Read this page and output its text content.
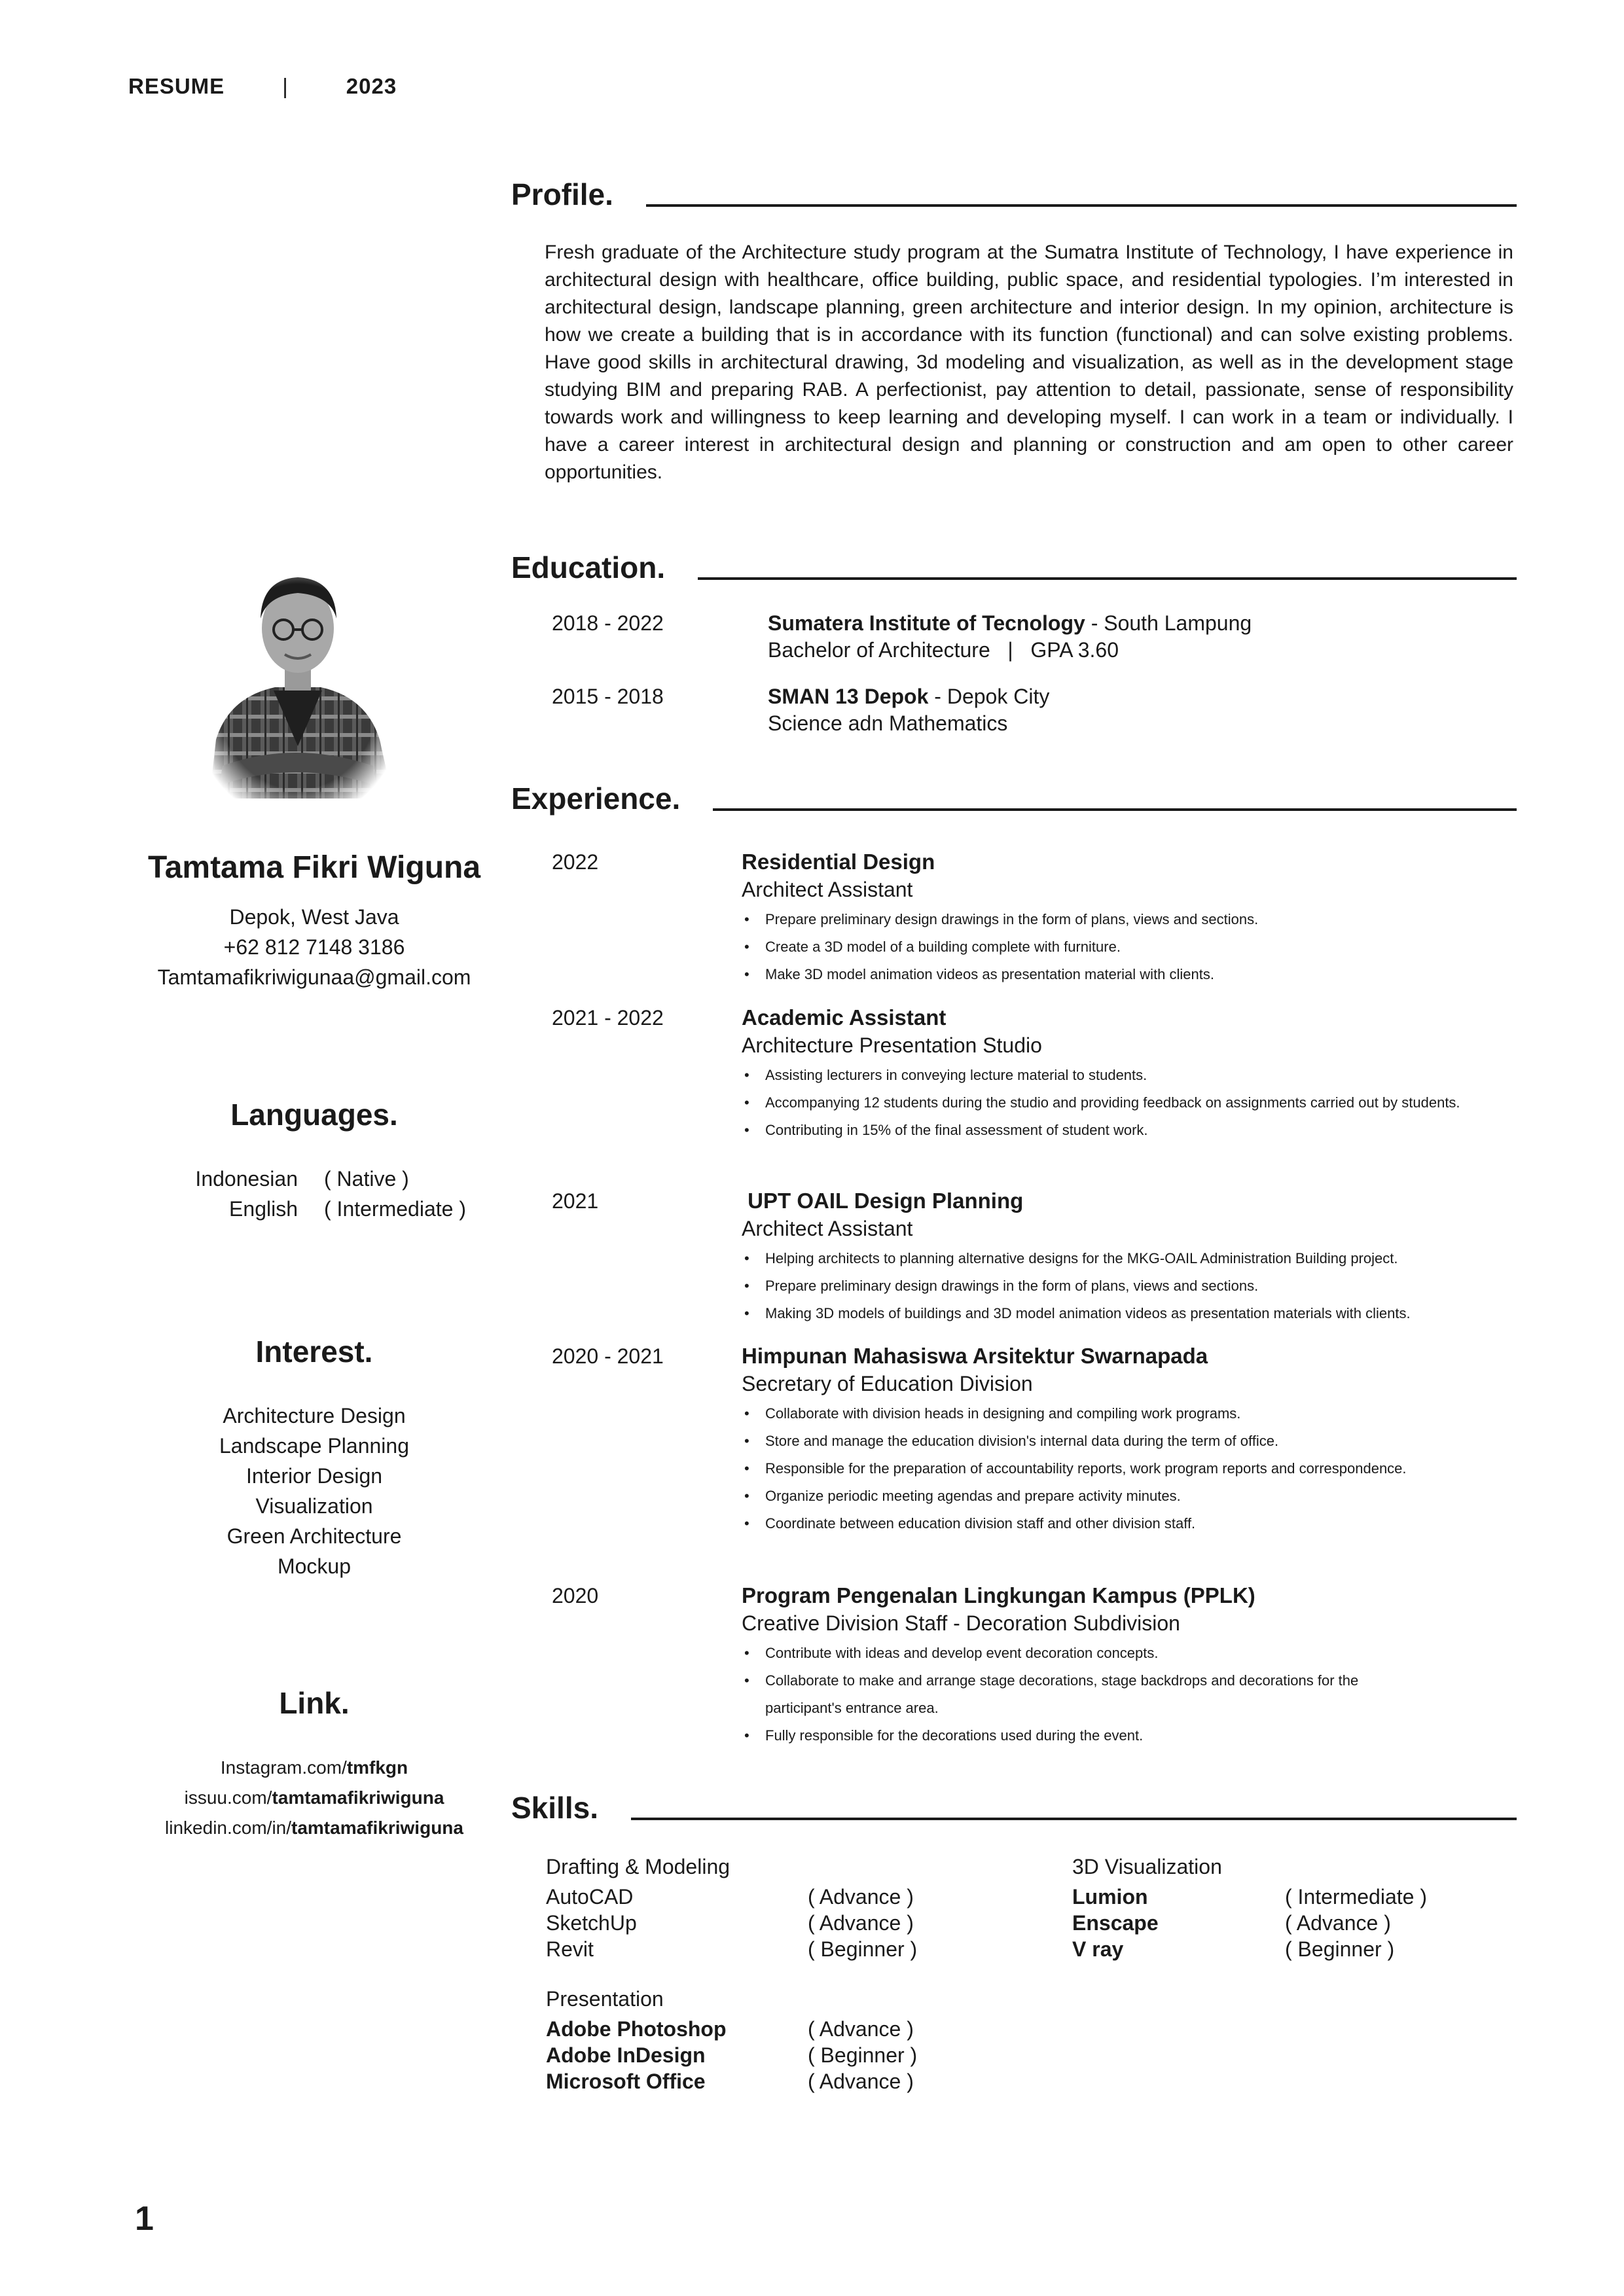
RESUME	|	2023
Profile.
Fresh graduate of the Architecture study program at the Sumatra Institute of Technology, I have experience in architectural design with healthcare, office building, public space, and residential typologies. I’m interested in architectural design, landscape planning, green architecture and interior design. In my opinion, architecture is how we create a building that is in accordance with its function (functional) and can solve existing problems. Have good skills in architectural drawing, 3d modeling and visualization, as well as in the development stage studying BIM and preparing RAB. A perfectionist, pay attention to detail, passionate, sense of responsibility towards work and willingness to keep learning and developing myself. I can work in a team or individually. I have a career interest in architectural design and planning or construction and am open to other career opportunities.
Education.
2018 - 2022	Sumatera Institute of Tecnology - South Lampung
Bachelor of Architecture   |   GPA 3.60
2015 - 2018	SMAN 13 Depok - Depok City
Science adn Mathematics
Experience.
2022	Residential Design
Architect Assistant
• Prepare preliminary design drawings in the form of plans, views and sections.
• Create a 3D model of a building complete with furniture.
• Make 3D model animation videos as presentation material with clients.
2021 - 2022	Academic Assistant
Architecture Presentation Studio
• Assisting lecturers in conveying lecture material to students.
• Accompanying 12 students during the studio and providing feedback on assignments carried out by students.
• Contributing in 15% of the final assessment of student work.
2021	UPT OAIL Design Planning
Architect Assistant
• Helping architects to planning alternative designs for the MKG-OAIL Administration Building project.
• Prepare preliminary design drawings in the form of plans, views and sections.
• Making 3D models of buildings and 3D model animation videos as presentation materials with clients.
2020 - 2021	Himpunan Mahasiswa Arsitektur Swarnapada
Secretary of Education Division
• Collaborate with division heads in designing and compiling work programs.
• Store and manage the education division's internal data during the term of office.
• Responsible for the preparation of accountability reports, work program reports and correspondence.
• Organize periodic meeting agendas and prepare activity minutes.
• Coordinate between education division staff and other division staff.
2020	Program Pengenalan Lingkungan Kampus (PPLK)
Creative Division Staff - Decoration Subdivision
• Contribute with ideas and develop event decoration concepts.
• Collaborate to make and arrange stage decorations, stage backdrops and decorations for the participant's entrance area.
• Fully responsible for the decorations used during the event.
Skills.
Drafting & Modeling
AutoCAD	( Advance )
SketchUp	( Advance )
Revit	( Beginner )
3D Visualization
Lumion	( Intermediate )
Enscape	( Advance )
V ray	( Beginner )
Presentation
Adobe Photoshop	( Advance )
Adobe InDesign	( Beginner )
Microsoft Office	( Advance )
Tamtama Fikri Wiguna
Depok, West Java
+62 812 7148 3186
Tamtamafikriwigunaa@gmail.com
Languages.
Indonesian ( Native )
English ( Intermediate )
Interest.
Architecture Design
Landscape Planning
Interior Design
Visualization
Green Architecture
Mockup
Link.
Instagram.com/tmfkgn
issuu.com/tamtamafikriwiguna
linkedin.com/in/tamtamafikriwiguna
1
